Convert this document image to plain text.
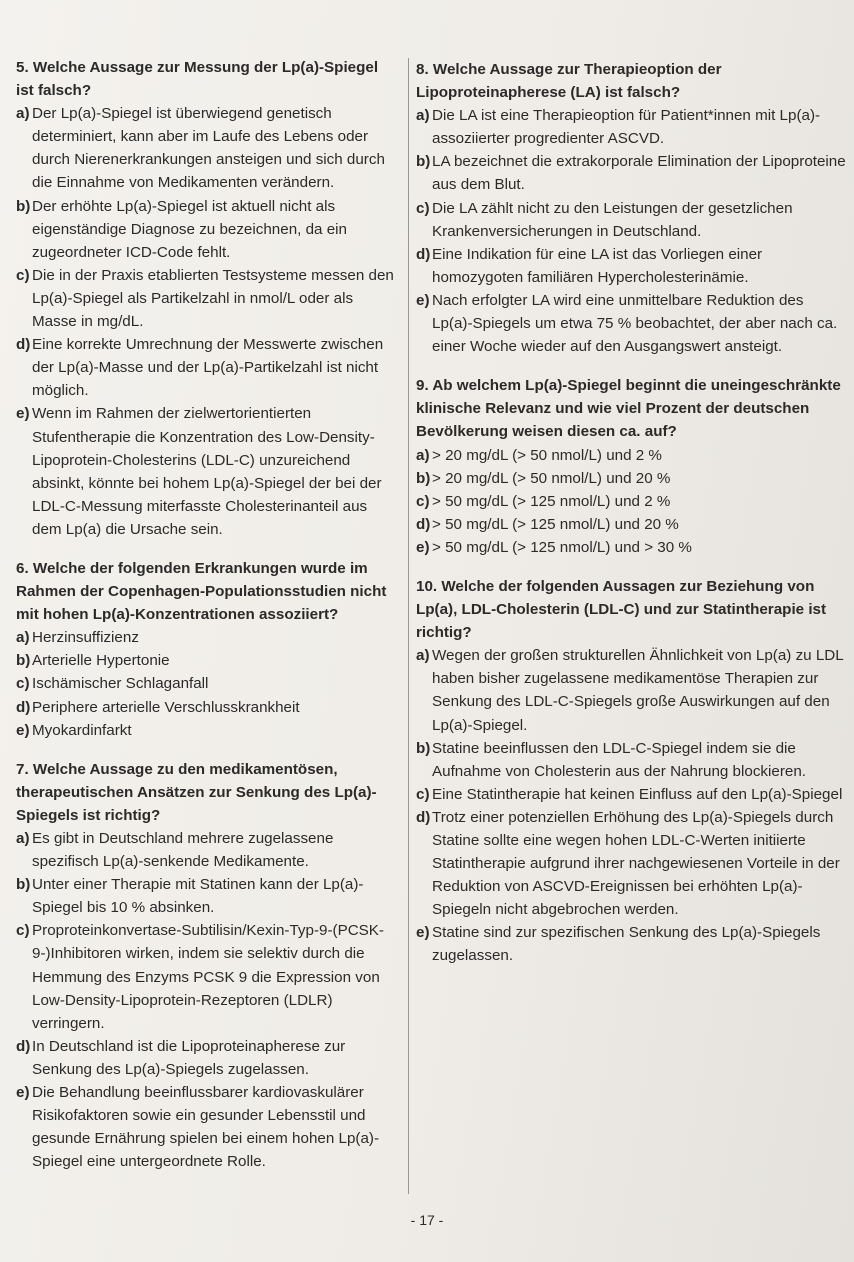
5. Welche Aussage zur Messung der Lp(a)-Spiegel ist falsch?
a) Der Lp(a)-Spiegel ist überwiegend genetisch determiniert, kann aber im Laufe des Lebens oder durch Nierenerkrankungen ansteigen und sich durch die Einnahme von Medikamenten verändern.
b) Der erhöhte Lp(a)-Spiegel ist aktuell nicht als eigenständige Diagnose zu bezeichnen, da ein zugeordneter ICD-Code fehlt.
c) Die in der Praxis etablierten Testsysteme messen den Lp(a)-Spiegel als Partikelzahl in nmol/L oder als Masse in mg/dL.
d) Eine korrekte Umrechnung der Messwerte zwischen der Lp(a)-Masse und der Lp(a)-Partikelzahl ist nicht möglich.
e) Wenn im Rahmen der zielwertorientierten Stufentherapie die Konzentration des Low-Density-Lipoprotein-Cholesterins (LDL-C) unzureichend absinkt, könnte bei hohem Lp(a)-Spiegel der bei der LDL-C-Messung miterfasste Cholesterinanteil aus dem Lp(a) die Ursache sein.
6. Welche der folgenden Erkrankungen wurde im Rahmen der Copenhagen-Populationsstudien nicht mit hohen Lp(a)-Konzentrationen assoziiert?
a) Herzinsuffizienz
b) Arterielle Hypertonie
c) Ischämischer Schlaganfall
d) Periphere arterielle Verschlusskrankheit
e) Myokardinfarkt
7. Welche Aussage zu den medikamentösen, therapeutischen Ansätzen zur Senkung des Lp(a)-Spiegels ist richtig?
a) Es gibt in Deutschland mehrere zugelassene spezifisch Lp(a)-senkende Medikamente.
b) Unter einer Therapie mit Statinen kann der Lp(a)-Spiegel bis 10 % absinken.
c) Proproteinkonvertase-Subtilisin/Kexin-Typ-9-(PCSK-9-)Inhibitoren wirken, indem sie selektiv durch die Hemmung des Enzyms PCSK 9 die Expression von Low-Density-Lipoprotein-Rezeptoren (LDLR) verringern.
d) In Deutschland ist die Lipoproteinapherese zur Senkung des Lp(a)-Spiegels zugelassen.
e) Die Behandlung beeinflussbarer kardiovaskulärer Risikofaktoren sowie ein gesunder Lebensstil und gesunde Ernährung spielen bei einem hohen Lp(a)-Spiegel eine untergeordnete Rolle.
8. Welche Aussage zur Therapieoption der Lipoproteinapherese (LA) ist falsch?
a) Die LA ist eine Therapieoption für Patient*innen mit Lp(a)-assoziierter progredienter ASCVD.
b) LA bezeichnet die extrakorporale Elimination der Lipoproteine aus dem Blut.
c) Die LA zählt nicht zu den Leistungen der gesetzlichen Krankenversicherungen in Deutschland.
d) Eine Indikation für eine LA ist das Vorliegen einer homozygoten familiären Hypercholesterinämie.
e) Nach erfolgter LA wird eine unmittelbare Reduktion des Lp(a)-Spiegels um etwa 75 % beobachtet, der aber nach ca. einer Woche wieder auf den Ausgangswert ansteigt.
9. Ab welchem Lp(a)-Spiegel beginnt die uneingeschränkte klinische Relevanz und wie viel Prozent der deutschen Bevölkerung weisen diesen ca. auf?
a) > 20 mg/dL (> 50 nmol/L) und 2 %
b) > 20 mg/dL (> 50 nmol/L) und 20 %
c) > 50 mg/dL (> 125 nmol/L) und 2 %
d) > 50 mg/dL (> 125 nmol/L) und 20 %
e) > 50 mg/dL (> 125 nmol/L) und > 30 %
10. Welche der folgenden Aussagen zur Beziehung von Lp(a), LDL-Cholesterin (LDL-C) und zur Statintherapie ist richtig?
a) Wegen der großen strukturellen Ähnlichkeit von Lp(a) zu LDL haben bisher zugelassene medikamentöse Therapien zur Senkung des LDL-C-Spiegels große Auswirkungen auf den Lp(a)-Spiegel.
b) Statine beeinflussen den LDL-C-Spiegel indem sie die Aufnahme von Cholesterin aus der Nahrung blockieren.
c) Eine Statintherapie hat keinen Einfluss auf den Lp(a)-Spiegel
d) Trotz einer potenziellen Erhöhung des Lp(a)-Spiegels durch Statine sollte eine wegen hohen LDL-C-Werten initiierte Statintherapie aufgrund ihrer nachgewiesenen Vorteile in der Reduktion von ASCVD-Ereignissen bei erhöhten Lp(a)-Spiegeln nicht abgebrochen werden.
e) Statine sind zur spezifischen Senkung des Lp(a)-Spiegels zugelassen.
- 17 -
